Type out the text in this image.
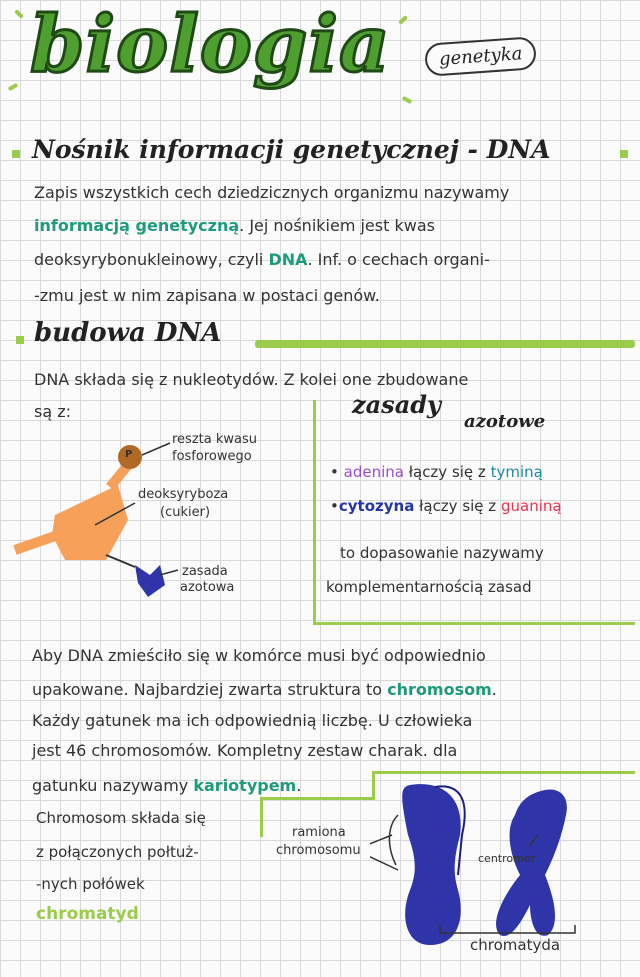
biologia	genetyka
Nośnik informacji genetycznej - DNA
Zapis wszystkich cech dziedzicznych organizmu nazywamy
informacją genetyczną. Jej nośnikiem jest kwas
deoksyrybonukleinowy, czyli DNA. Inf. o cechach organi-
-zmu jest w nim zapisana w postaci genów.
budowa DNA
DNA składa się z nukleotydów. Z kolei one zbudowane
są z:
P
reszta kwasu
fosforowego
deoksyryboza
(cukier)
zasada
azotowa
zasady
azotowe
• adenina łączy się z tyminą
•cytozyna łączy się z guaniną
to dopasowanie nazywamy
komplementarnością zasad
Aby DNA zmieściło się w komórce musi być odpowiednio
upakowane. Najbardziej zwarta struktura to chromosom.
Każdy gatunek ma ich odpowiednią liczbę. U człowieka
jest 46 chromosomów. Kompletny zestaw charak. dla
gatunku nazywamy kariotypem.
Chromosom składa się
z połączonych połtuż-
-nych połówek
chromatyd
ramiona
chromosomu
centromer
chromatyda
